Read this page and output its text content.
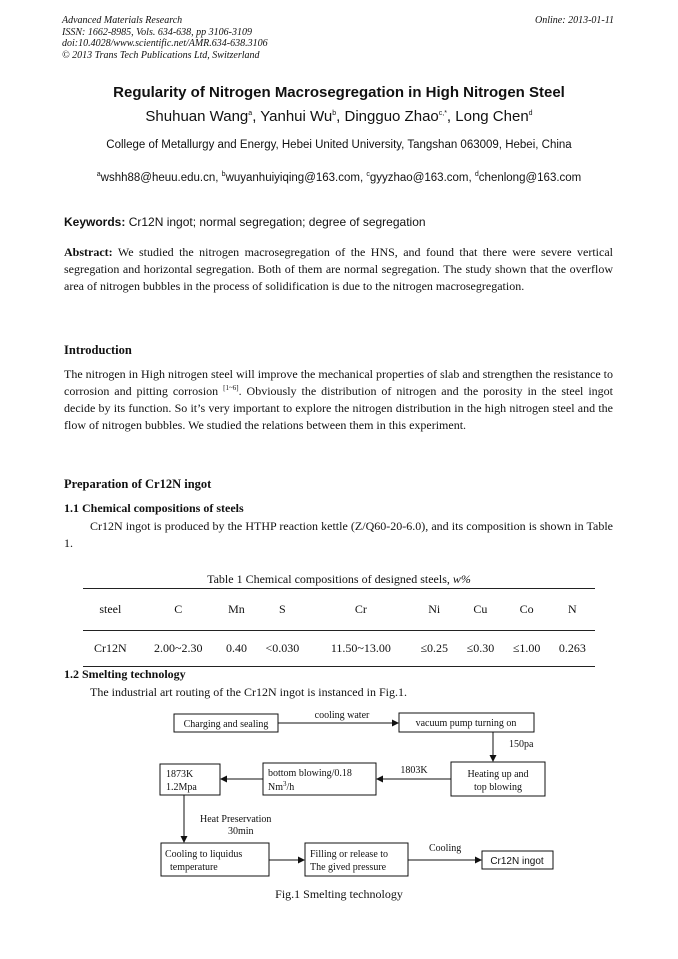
Advanced Materials Research
ISSN: 1662-8985, Vols. 634-638, pp 3106-3109
doi:10.4028/www.scientific.net/AMR.634-638.3106
© 2013 Trans Tech Publications Ltd, Switzerland
Online: 2013-01-11
Regularity of Nitrogen Macrosegregation in High Nitrogen Steel
Shuhuan Wang$^a$, Yanhui Wu$^b$, Dingguo Zhao$^{c,*}$, Long Chen$^d$
College of Metallurgy and Energy, Hebei United University, Tangshan 063009, Hebei, China
$^a$wshh88@heuu.edu.cn, $^b$wuyanhuiyiqing@163.com, $^c$gyyzhao@163.com, $^d$chenlong@163.com
Keywords: Cr12N ingot; normal segregation; degree of segregation
Abstract: We studied the nitrogen macrosegregation of the HNS, and found that there were severe vertical segregation and horizontal segregation. Both of them are normal segregation. The study shown that the overflow area of nitrogen bubbles in the process of solidification is due to the nitrogen macrosegregation.
Introduction
The nitrogen in High nitrogen steel will improve the mechanical properties of slab and strengthen the resistance to corrosion and pitting corrosion [1~6]. Obviously the distribution of nitrogen and the porosity in the steel ingot decide by its function. So it’s very important to explore the nitrogen distribution in the high nitrogen steel and the flow of nitrogen bubbles. We studied the relations between them in this experiment.
Preparation of Cr12N ingot
1.1 Chemical compositions of steels
Cr12N ingot is produced by the HTHP reaction kettle (Z/Q60-20-6.0), and its composition is shown in Table 1.
Table 1 Chemical compositions of designed steels, w%
steel	C	Mn	S	Cr	Ni	Cu	Co	N
Cr12N	2.00~2.30	0.40	<0.030	11.50~13.00	≤0.25	≤0.30	≤1.00	0.263
1.2 Smelting technology
The industrial art routing of the Cr12N ingot is instanced in Fig.1.
Charging and sealing
cooling water
vacuum pump turning on
150pa
Heating up and
top blowing
1803K
bottom blowing/0.18
Nm$^3$/h
1873K
1.2Mpa
Heat Preservation
30min
Cooling to liquidus
temperature
Filling or release to
The gived pressure
Cooling
Cr12N ingot
Fig.1 Smelting technology
